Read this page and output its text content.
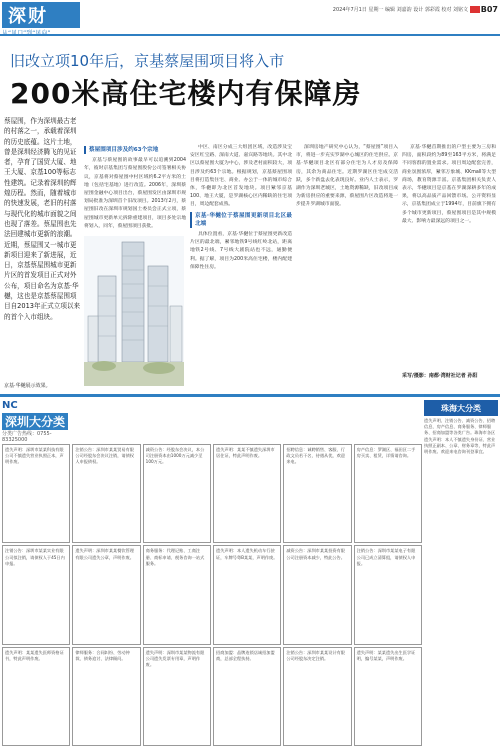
深财	2024年7月1日 星期一 编辑 刘嘉韵 设计 郭彩霞 校对 刘铭文 B07
旧改立项10年后，京基蔡屋围项目将入市
200米高住宅楼内有保障房
蔡屋围，作为深圳最古老的村落之一，承载着深圳的历史底蕴。这片土地，曾是深圳经济腾飞的见证者，孕育了国贸大厦、地王大厦、京基100等标志性建筑。记录着深圳的辉煌历程。然而，随着城市的快速发展，老旧的村落与现代化的城市面貌之间也现了落差。蔡屋围也先法回建城市更新的浪潮。近期，蔡屋围又一城市更新项目迎来了新进展，近日，京基蔡屋围城市更新片区的首发项目正式对外公布，项目命名为京基·华樾，这也是京基蔡屋围项目自2013年正式立项以来的首个入市组块。
京基·华樾展示效果。
蔡屋围项目涉及约63个宗地

京基与蔡屋围的故事最早可以追溯到2004年，彼时京基集团与蔡屋围股份公司签署相关协议，京基将对蔡屋围中村区域约6.2平方米的土地（包括宅基地）进行改造。2006年，深圳蔡屋围金融中心项目出台，蔡屋围发区由深圳市规划局批准为深圳首个旧改项目。2013年2月，蔡屋围旧改在深圳市规划国土委员会正式立项，蔡屋围城市更新单元拆除重建项目，项目多处宗地将划入，同年，蔡屋围项目获批。

中区、南区分成三大组团区域，改造涉及宝安区红宝路、深南大道、嘉宾路等地块。其中北区以蔡屋围大厦为中心，涉及老村面积较大，项目涉及约63个宗地。根据规划，京基蔡屋围项目将打造集住宅、商业、办公于一体的城市综合体，华樾即为北区首发地块。项目紧邻京基100、地王大厦，是罗湖核心区内稀缺的住宅项目，周边配套成熟。

京基·华樾位于蔡屋围更新项目北区最北端

具体位置看，京基·华樾位于蔡屋围更新改造片区的最北端，紧邻地铁9号线红岭北站，距离地铁2号线、7号线大剧院站也不远，通勤便利。据了解，项目为200米高住宅楼，楼内配建保障性住房。

深圳房地产研究中心认为，“蔡屋围”项目入市，将进一步充实罗湖中心城区的住宅供应。京基·华樾项目北区有部分住宅为人才房及保障房，其余为商品住宅。近期罗湖区住宅成交活跃，多个新盘去化表现良好。业内人士表示，罗湖作为深圳老城区，土地资源稀缺，旧改项目成为新房供应的重要来源，蔡屋围片区改造将进一步提升罗湖城市面貌。

京基·华樾首期推出的户型主要为三房和四房，面积段约为89至163平方米，将满足不同客群的置业需求。项目周边配套完善，商业氛围浓厚，紧邻万象城、KKmall等大型商场，教育资源丰富。京基集团相关负责人表示，华樾项目是京基在罗湖深耕多年的成果，将以高品质产品回馈市场。公开资料显示，京基集团成立于1994年，目前旗下拥有多个城市更新项目，蔡屋围项目是其中规模最大、影响力最深远的项目之一。

采写/摄影：南都·湾财社记者 孙阳
NC
深圳大分类
分类广告热线：0755-83325000
遗失声明：深圳市某某科技有限公司不慎遗失营业执照正本，声明作废。
注销公告：深圳市某某贸易有限公司经股东会决议注销，请债权人申报债权。
减资公告：经股东会决议，本公司注册资本由1000万元减少至100万元。
遗失声明：某某不慎遗失深圳市居住证，特此声明作废。
招聘信息：诚聘销售、客服、行政文员若干名，待遇从优，欢迎来电。
房产信息：罗湖区、福田区二手房买卖、租赁，详情请咨询。
注销公告：深圳市某某实业有限公司拟注销，请债权人于45日内申报。
遗失声明：深圳市某某餐饮管理有限公司遗失公章，声明作废。
商务服务：代理记账、工商注册、商标申请、税务咨询一站式服务。
遗失声明：本人遗失机动车行驶证，车牌号粤B某某，声明作废。
减资公告：深圳市某某投资有限公司注册资本减少，特此公告。
注销公告：深圳市某某电子有限公司已成立清算组，请债权人申报。
遗失声明：某某遗失医师资格证书，特此声明作废。
律师服务：合同纠纷、劳动仲裁、债务追讨、法律顾问。
遗失声明：深圳市某某物流有限公司遗失发票专用章，声明作废。
招商加盟：品牌连锁店诚招加盟商，总部全程扶持。
注销公告：深圳市某某设计有限公司经股东决定注销。
遗失声明：某某遗失出生医学证明，编号某某，声明作废。
珠海大分类
遗失声明、注销公告、减资公告、招聘信息、房产信息、商务服务、律师服务、招商加盟等各类广告。珠海市各区遗失声明：本人不慎遗失身份证、营业执照正副本、公章、财务章等，特此声明作废。欢迎来电咨询刊登事宜。
